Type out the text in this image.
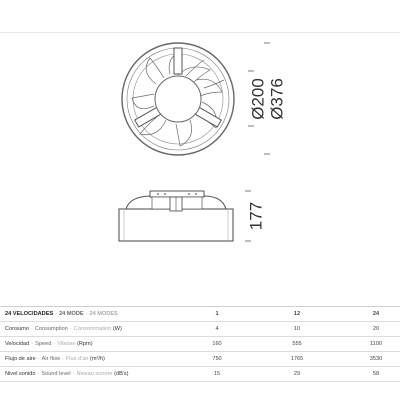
Ø200 Ø376
177
24 VELOCIDADES · 24 MODE · 24 MODES	1	12	24
Consumo · Consumption · Consommation (W)	4	10	20
Velocidad · Speed · Vitesse (Rpm)	160	555	1100
Flujo de aire · Air flow · Flux d'air (m³/h)	750	1765	3530
Nivel sonido · Sound level · Niveau sonore (dB's)	15	29	58
